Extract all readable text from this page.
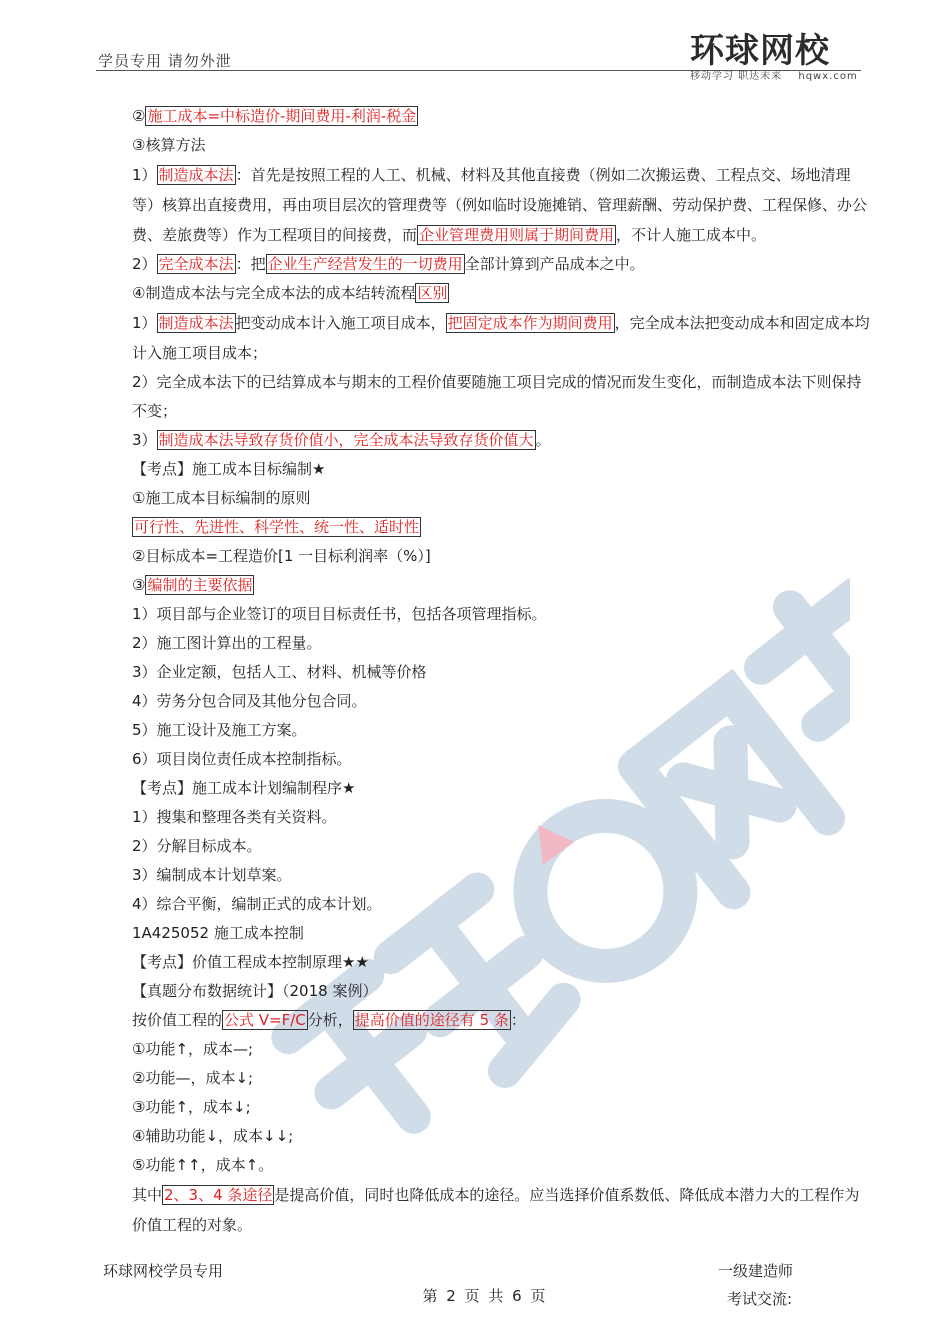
学员专用 请勿外泄	环球网校
移动学习 职达未来 hqwx.com
② 施工成本=中标造价-期间费用-利润-税金
③核算方法
1） 制造成本法 ：首先是按照工程的人工、机械、材料及其他直接费（例如二次搬运费、工程点交、场地清理等）核算出直接费用，再由项目层次的管理费等（例如临时设施摊销、管理薪酬、劳动保护费、工程保修、办公费、差旅费等）作为工程项目的间接费，而 企业管理费用则属于期间费用 ，不计人施工成本中。
2） 完全成本法 ：把 企业生产经营发生的一切费用 全部计算到产品成本之中。
④制造成本法与完全成本法的成本结转流程 区别
1） 制造成本法 把变动成本计入施工项目成本， 把固定成本作为期间费用 ，完全成本法把变动成本和固定成本均计入施工项目成本；
2）完全成本法下的已结算成本与期末的工程价值要随施工项目完成的情况而发生变化，而制造成本法下则保持不变；
3） 制造成本法导致存货价值小，完全成本法导致存货价值大 。
【考点】施工成本目标编制★
①施工成本目标编制的原则
可行性、先进性、科学性、统一性、适时性
②目标成本=工程造价[1 一目标利润率（%）]
③ 编制的主要依据
1）项目部与企业签订的项目目标责任书，包括各项管理指标。
2）施工图计算出的工程量。
3）企业定额，包括人工、材料、机械等价格
4）劳务分包合同及其他分包合同。
5）施工设计及施工方案。
6）项目岗位责任成本控制指标。
【考点】施工成本计划编制程序★
1）搜集和整理各类有关资料。
2）分解目标成本。
3）编制成本计划草案。
4）综合平衡，编制正式的成本计划。
1A425052 施工成本控制
【考点】价值工程成本控制原理★★
【真题分布数据统计】（2018 案例）
按价值工程的 公式 V=F/C 分析， 提高价值的途径有 5 条 ：
①功能↑，成本—;
②功能—，成本↓;
③功能↑，成本↓;
④辅助功能↓，成本↓↓;
⑤功能↑↑，成本↑。
其中 2、3、4 条途径 是提高价值，同时也降低成本的途径。应当选择价值系数低、降低成本潜力大的工程作为价值工程的对象。
环球网校学员专用	一级建造师
考试交流:
第 2 页 共 6 页
